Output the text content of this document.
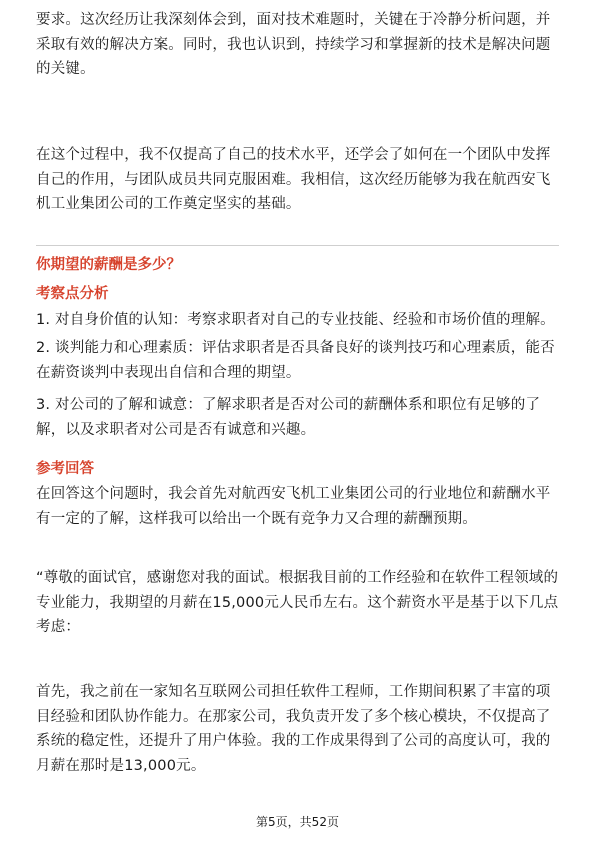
要求。这次经历让我深刻体会到，面对技术难题时，关键在于冷静分析问题，并采取有效的解决方案。同时，我也认识到，持续学习和掌握新的技术是解决问题的关键。

在这个过程中，我不仅提高了自己的技术水平，还学会了如何在一个团队中发挥自己的作用，与团队成员共同克服困难。我相信，这次经历能够为我在航西安飞机工业集团公司的工作奠定坚实的基础。

你期望的薪酬是多少？

考察点分析

1. 对自身价值的认知：考察求职者对自己的专业技能、经验和市场价值的理解。

2. 谈判能力和心理素质：评估求职者是否具备良好的谈判技巧和心理素质，能否在薪资谈判中表现出自信和合理的期望。

3. 对公司的了解和诚意：了解求职者是否对公司的薪酬体系和职位有足够的了解，以及求职者对公司是否有诚意和兴趣。

参考回答

在回答这个问题时，我会首先对航西安飞机工业集团公司的行业地位和薪酬水平有一定的了解，这样我可以给出一个既有竞争力又合理的薪酬预期。

“尊敬的面试官，感谢您对我的面试。根据我目前的工作经验和在软件工程领域的专业能力，我期望的月薪在15,000元人民币左右。这个薪资水平是基于以下几点考虑：

首先，我之前在一家知名互联网公司担任软件工程师，工作期间积累了丰富的项目经验和团队协作能力。在那家公司，我负责开发了多个核心模块，不仅提高了系统的稳定性，还提升了用户体验。我的工作成果得到了公司的高度认可，我的月薪在那时是13,000元。

第5页，共52页
